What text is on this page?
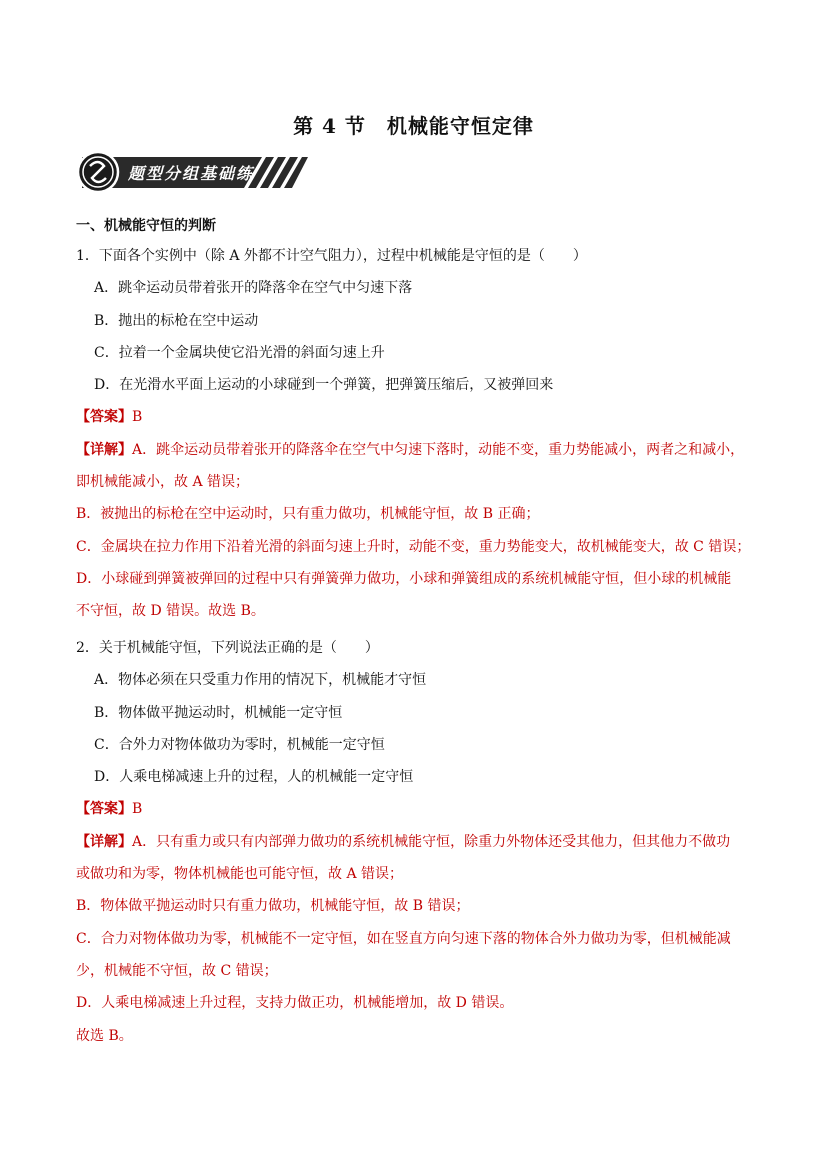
第 4 节　机械能守恒定律
题型分组基础练
一、机械能守恒的判断
1．下面各个实例中（除 A 外都不计空气阻力），过程中机械能是守恒的是（　　）
A．跳伞运动员带着张开的降落伞在空气中匀速下落
B．抛出的标枪在空中运动
C．拉着一个金属块使它沿光滑的斜面匀速上升
D．在光滑水平面上运动的小球碰到一个弹簧，把弹簧压缩后，又被弹回来
【答案】B
【详解】A．跳伞运动员带着张开的降落伞在空气中匀速下落时，动能不变，重力势能减小，两者之和减小，
即机械能减小，故 A 错误；
B．被抛出的标枪在空中运动时，只有重力做功，机械能守恒，故 B 正确；
C．金属块在拉力作用下沿着光滑的斜面匀速上升时，动能不变，重力势能变大，故机械能变大，故 C 错误；
D．小球碰到弹簧被弹回的过程中只有弹簧弹力做功，小球和弹簧组成的系统机械能守恒，但小球的机械能
不守恒，故 D 错误。故选 B。
2．关于机械能守恒，下列说法正确的是（　　）
A．物体必须在只受重力作用的情况下，机械能才守恒
B．物体做平抛运动时，机械能一定守恒
C．合外力对物体做功为零时，机械能一定守恒
D．人乘电梯减速上升的过程，人的机械能一定守恒
【答案】B
【详解】A．只有重力或只有内部弹力做功的系统机械能守恒，除重力外物体还受其他力，但其他力不做功
或做功和为零，物体机械能也可能守恒，故 A 错误；
B．物体做平抛运动时只有重力做功，机械能守恒，故 B 错误；
C．合力对物体做功为零，机械能不一定守恒，如在竖直方向匀速下落的物体合外力做功为零，但机械能减
少，机械能不守恒，故 C 错误；
D．人乘电梯减速上升过程，支持力做正功，机械能增加，故 D 错误。
故选 B。
